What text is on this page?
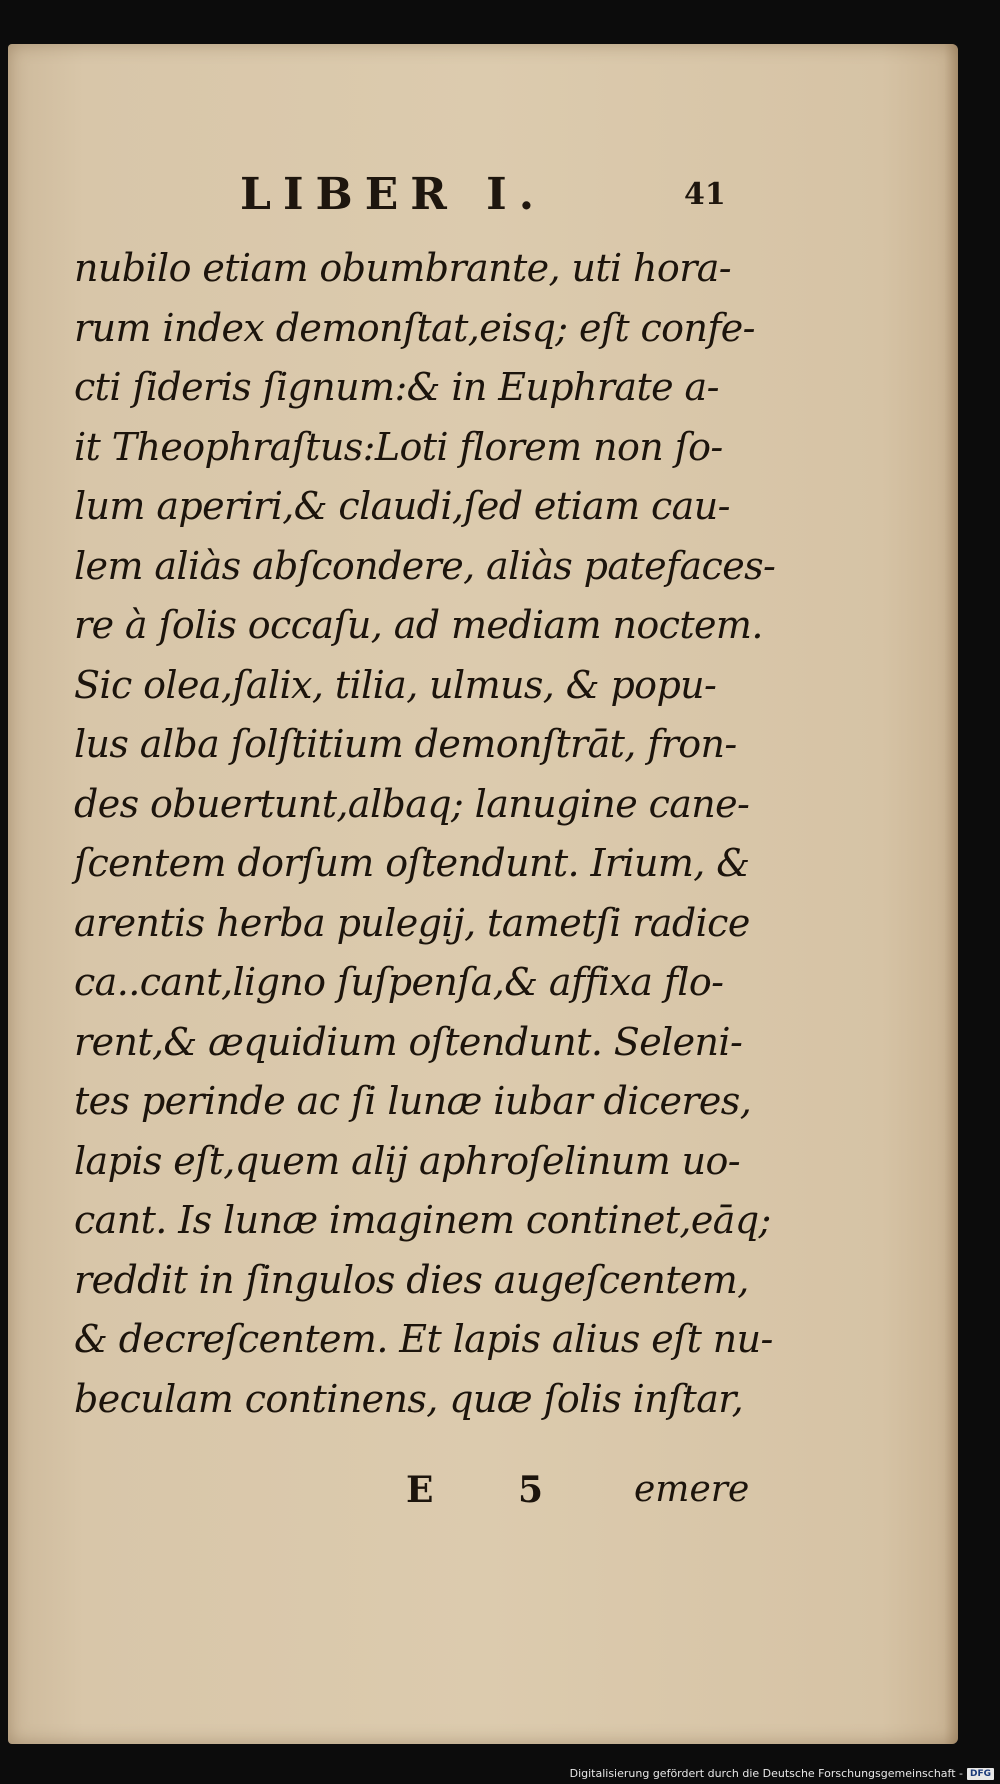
LIBER I.	41
nubilo etiam obumbrante, uti hora-
rum index demonſtat,eisq; eſt confe-
cti ſideris ſignum:& in Euphrate a-
it Theophraſtus:Loti florem non ſo-
lum aperiri,& claudi,ſed etiam cau-
lem aliàs abſcondere, aliàs patefaces-
re à ſolis occaſu, ad mediam noctem.
Sic olea,ſalix, tilia, ulmus, & popu-
lus alba ſolſtitium demonſtrāt, fron-
des obuertunt,albaq; lanugine cane-
ſcentem dorſum oſtendunt. Irium, &
arentis herba pulegij, tametſi radice
ca..cant,ligno ſuſpenſa,& affixa flo-
rent,& æquidium oſtendunt. Seleni-
tes perinde ac ſi lunæ iubar diceres,
lapis eſt,quem alij aphroſelinum uo-
cant. Is lunæ imaginem continet,eāq;
reddit in ſingulos dies augeſcentem,
& decreſcentem. Et lapis alius eſt nu-
beculam continens, quæ ſolis inſtar,
E 5 emere
Digitalisierung gefördert durch die Deutsche Forschungsgemeinschaft - DFG
